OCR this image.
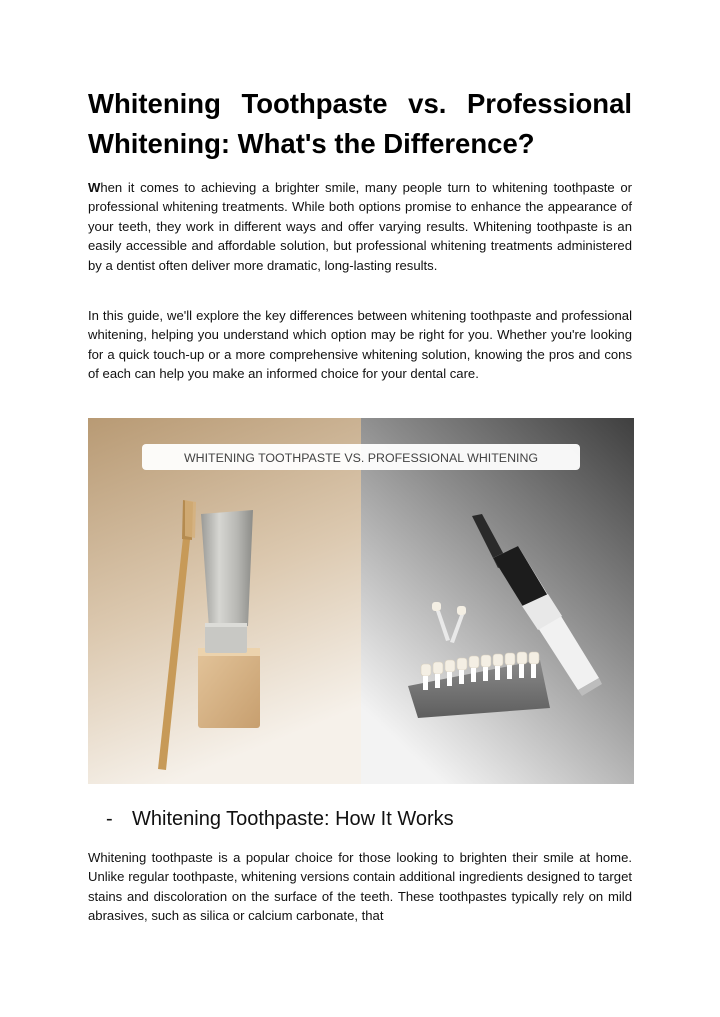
Whitening Toothpaste vs. Professional Whitening: What's the Difference?

When it comes to achieving a brighter smile, many people turn to whitening toothpaste or professional whitening treatments. While both options promise to enhance the appearance of your teeth, they work in different ways and offer varying results. Whitening toothpaste is an easily accessible and affordable solution, but professional whitening treatments administered by a dentist often deliver more dramatic, long-lasting results.

In this guide, we'll explore the key differences between whitening toothpaste and professional whitening, helping you understand which option may be right for you. Whether you're looking for a quick touch-up or a more comprehensive whitening solution, knowing the pros and cons of each can help you make an informed choice for your dental care.

WHITENING TOOTHPASTE VS. PROFESSIONAL WHITENING
- Whitening Toothpaste: How It Works

Whitening toothpaste is a popular choice for those looking to brighten their smile at home. Unlike regular toothpaste, whitening versions contain additional ingredients designed to target stains and discoloration on the surface of the teeth. These toothpastes typically rely on mild abrasives, such as silica or calcium carbonate, that
